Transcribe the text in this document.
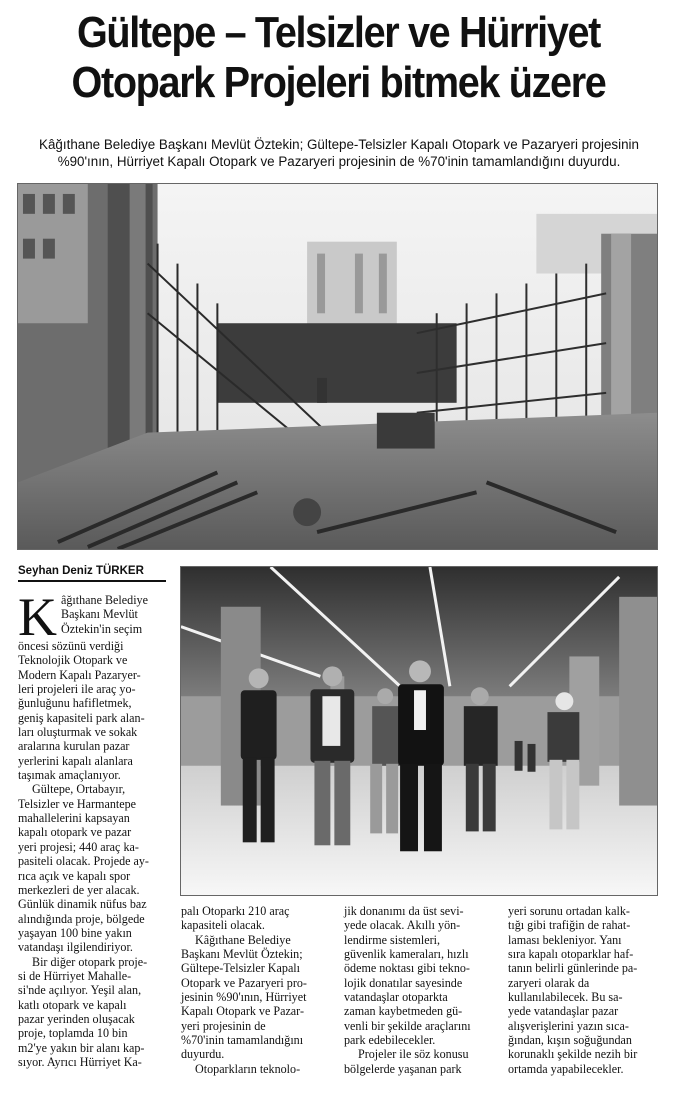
Gültepe – Telsizler ve Hürriyet
Otopark Projeleri bitmek üzere
Kâğıthane Belediye Başkanı Mevlüt Öztekin; Gültepe-Telsizler Kapalı Otopark ve Pazaryeri projesinin
%90'ının, Hürriyet Kapalı Otopark ve Pazaryeri projesinin de %70'inin tamamlandığını duyurdu.
Seyhan Deniz TÜRKER
K âğıthane Belediye
Başkanı Mevlüt
Öztekin'in seçim
öncesi sözünü verdiği
Teknolojik Otopark ve
Modern Kapalı Pazaryer-
leri projeleri ile araç yo-
ğunluğunu hafifletmek,
geniş kapasiteli park alan-
ları oluşturmak ve sokak
aralarına kurulan pazar
yerlerini kapalı alanlara
taşımak amaçlanıyor.
Gültepe, Ortabayır,
Telsizler ve Harmantepe
mahallelerini kapsayan
kapalı otopark ve pazar
yeri projesi; 440 araç ka-
pasiteli olacak. Projede ay-
rıca açık ve kapalı spor
merkezleri de yer alacak.
Günlük dinamik nüfus baz
alındığında proje, bölgede
yaşayan 100 bine yakın
vatandaşı ilgilendiriyor.
Bir diğer otopark proje-
si de Hürriyet Mahalle-
si'nde açılıyor. Yeşil alan,
katlı otopark ve kapalı
pazar yerinden oluşacak
proje, toplamda 10 bin
m2'ye yakın bir alanı kap-
sıyor. Ayrıcı Hürriyet Ka-
palı Otoparkı 210 araç
kapasiteli olacak.
Kâğıthane Belediye
Başkanı Mevlüt Öztekin;
Gültepe-Telsizler Kapalı
Otopark ve Pazaryeri pro-
jesinin %90'ının, Hürriyet
Kapalı Otopark ve Pazar-
yeri projesinin de
%70'inin tamamlandığını
duyurdu.
Otoparkların teknolo-
jik donanımı da üst sevi-
yede olacak. Akıllı yön-
lendirme sistemleri,
güvenlik kameraları, hızlı
ödeme noktası gibi tekno-
lojik donatılar sayesinde
vatandaşlar otoparkta
zaman kaybetmeden gü-
venli bir şekilde araçlarını
park edebilecekler.
Projeler ile söz konusu
bölgelerde yaşanan park
yeri sorunu ortadan kalk-
tığı gibi trafiğin de rahat-
laması bekleniyor. Yanı
sıra kapalı otoparklar haf-
tanın belirli günlerinde pa-
zaryeri olarak da
kullanılabilecek. Bu sa-
yede vatandaşlar pazar
alışverişlerini yazın sıca-
ğından, kışın soğuğundan
korunaklı şekilde nezih bir
ortamda yapabilecekler.
